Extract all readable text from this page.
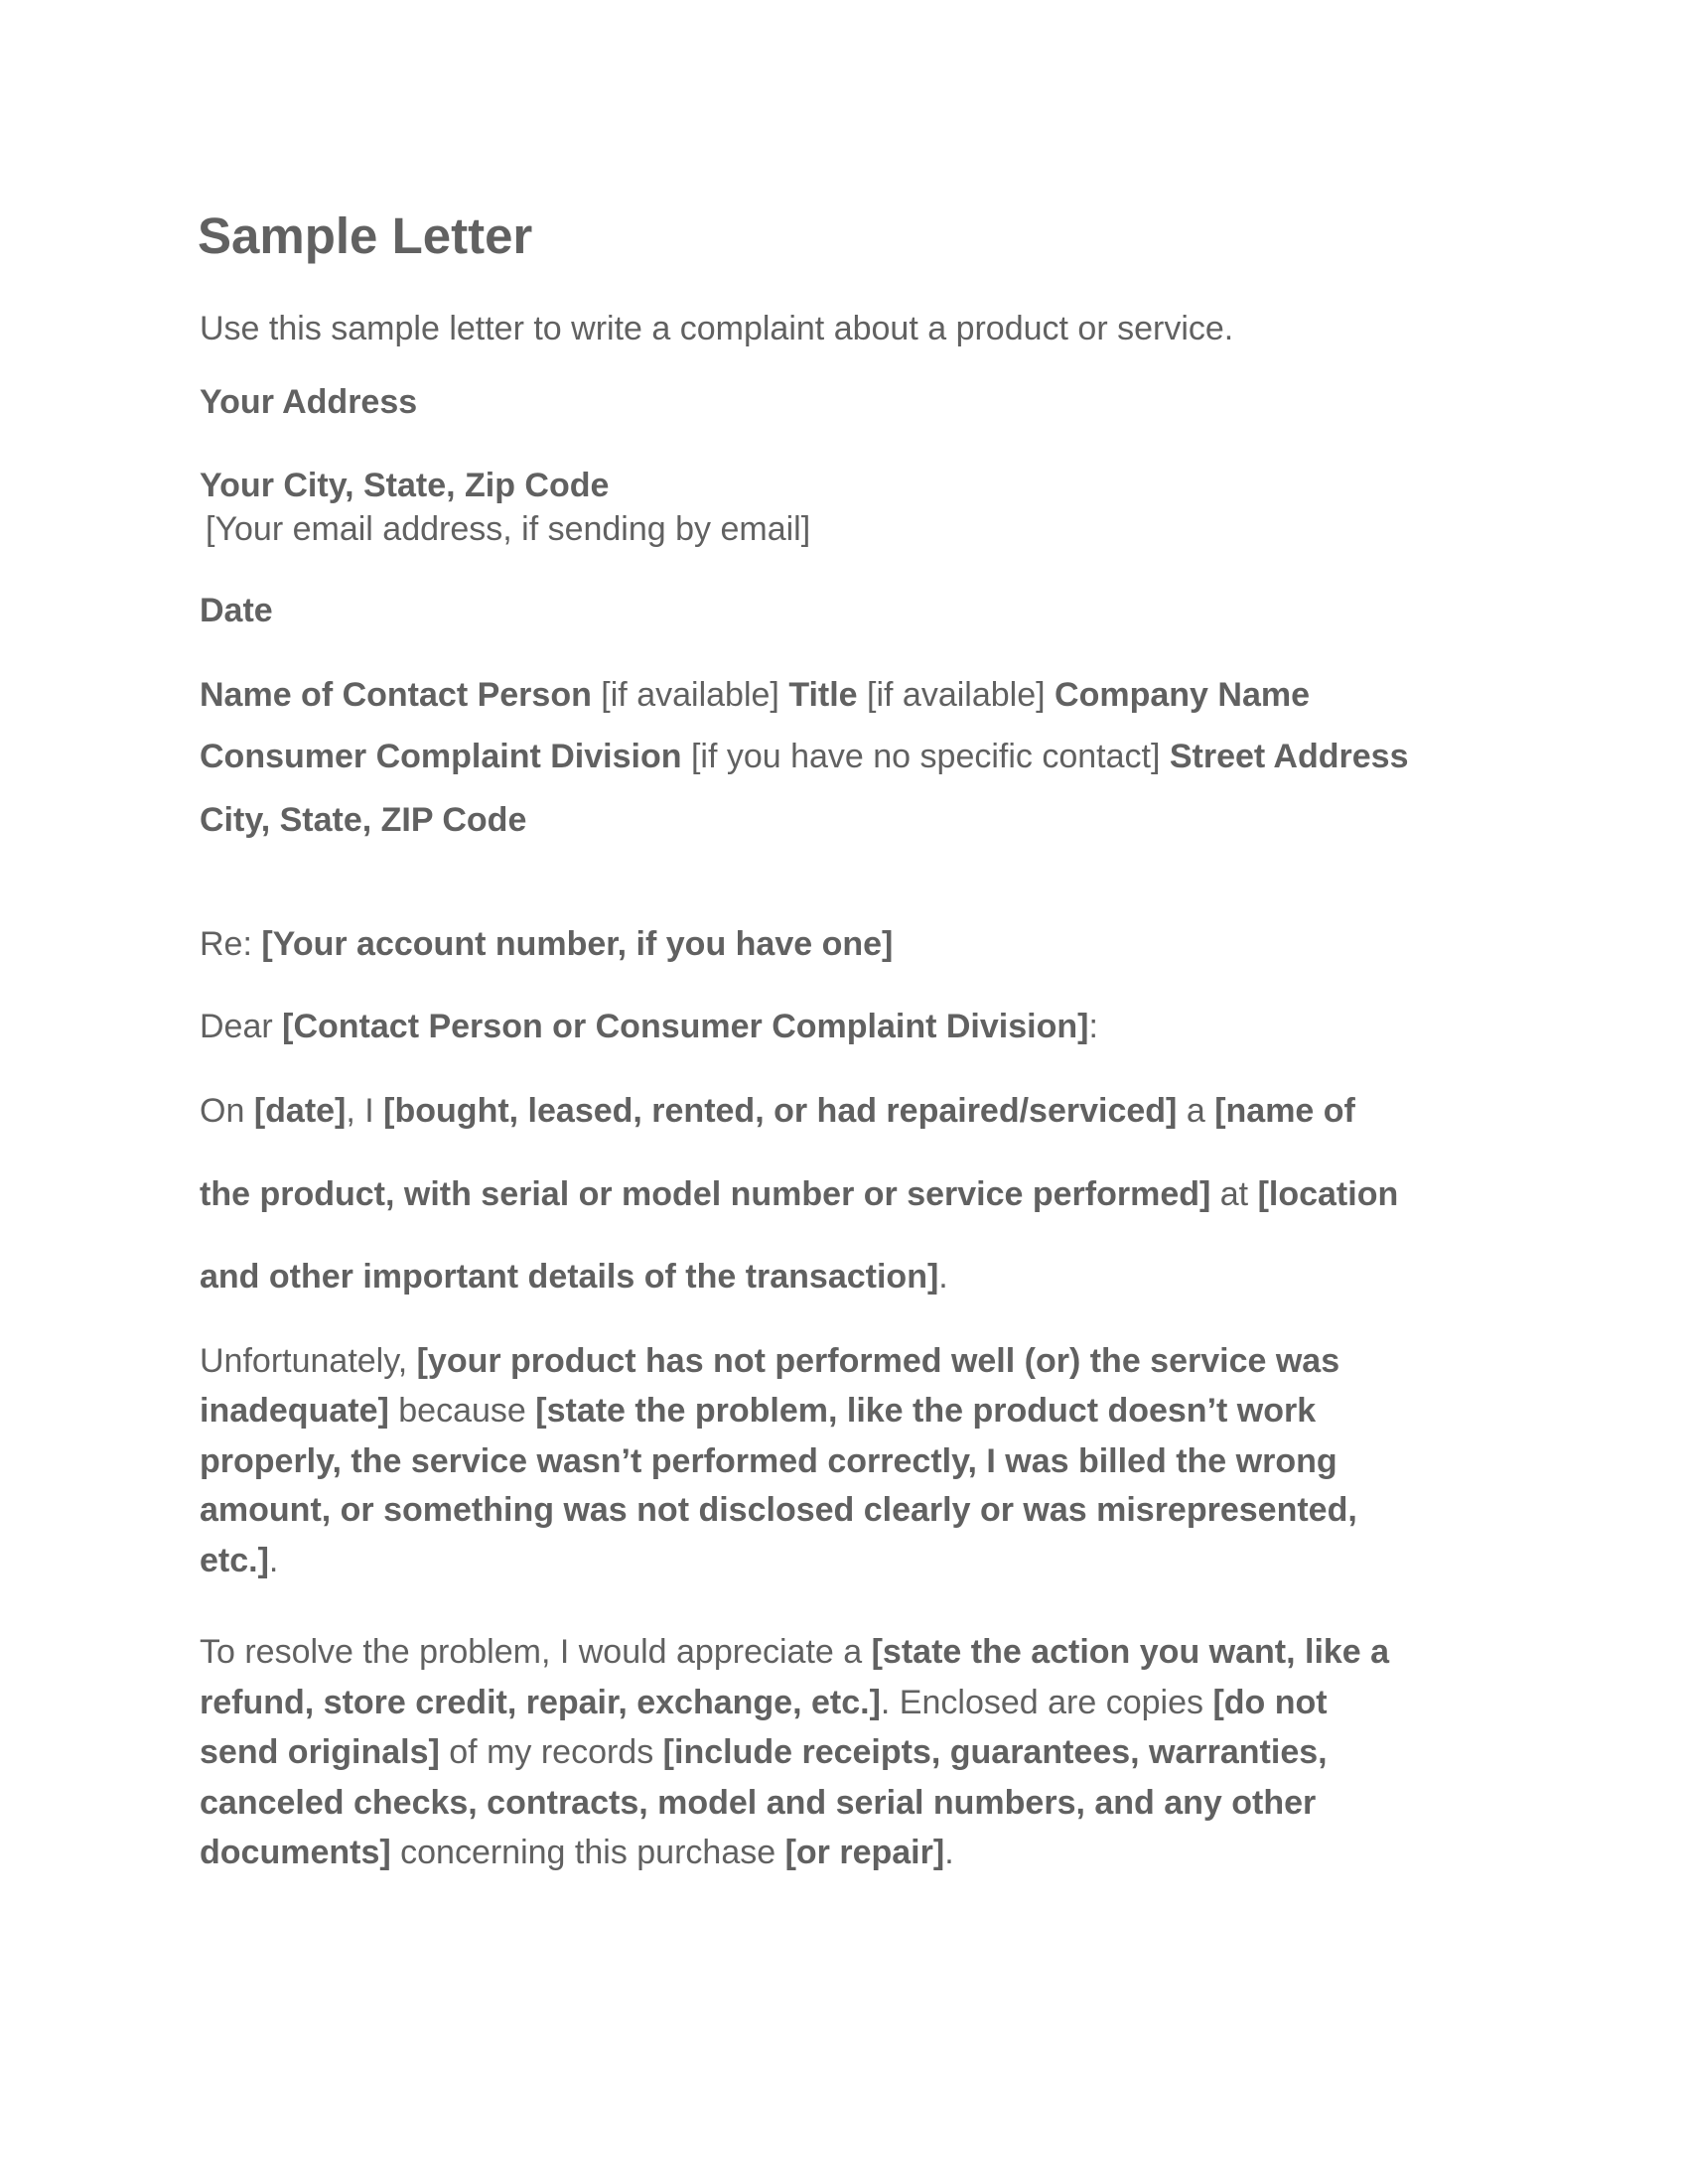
Sample Letter
Use this sample letter to write a complaint about a product or service.
Your Address
Your City, State, Zip Code
[Your email address, if sending by email]
Date
Name of Contact Person [if available] Title [if available] Company Name
Consumer Complaint Division [if you have no specific contact] Street Address
City, State, ZIP Code
Re: [Your account number, if you have one]
Dear [Contact Person or Consumer Complaint Division]:
On [date], I [bought, leased, rented, or had repaired/serviced] a [name of
the product, with serial or model number or service performed] at [location
and other important details of the transaction].
Unfortunately, [your product has not performed well (or) the service was
inadequate] because [state the problem, like the product doesn’t work
properly, the service wasn’t performed correctly, I was billed the wrong
amount, or something was not disclosed clearly or was misrepresented,
etc.].
To resolve the problem, I would appreciate a [state the action you want, like a
refund, store credit, repair, exchange, etc.]. Enclosed are copies [do not
send originals] of my records [include receipts, guarantees, warranties,
canceled checks, contracts, model and serial numbers, and any other
documents] concerning this purchase [or repair].
